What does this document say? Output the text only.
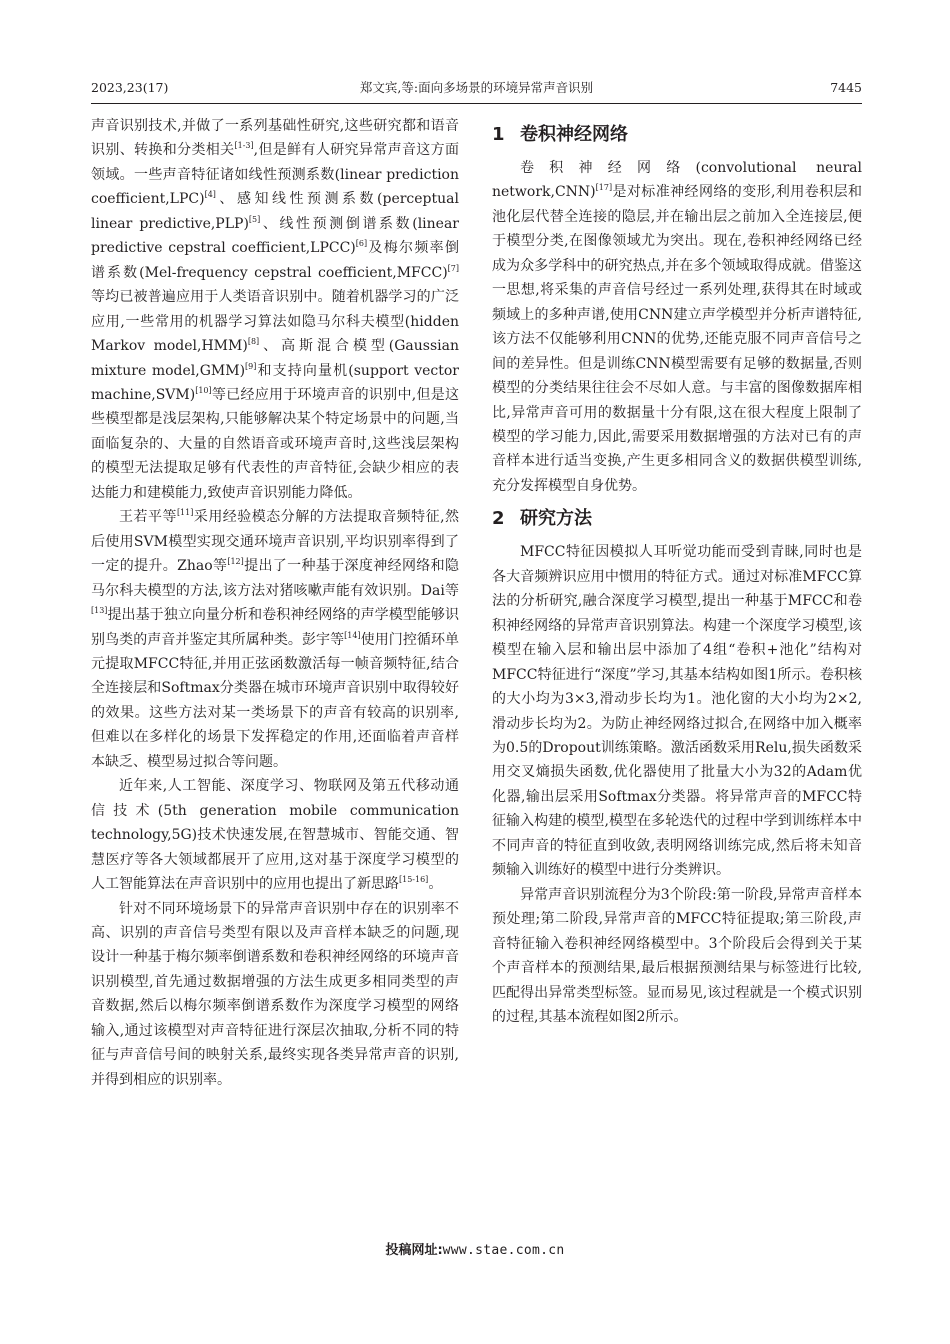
2023,23(17)	郑文宾,等:面向多场景的环境异常声音识别	7445

声音识别技术,并做了一系列基础性研究,这些研究都和语音识别、转换和分类相关[1-3],但是鲜有人研究异常声音这方面领域。一些声音特征诸如线性预测系数(linear prediction coefficient,LPC)[4]、感知线性预测系数(perceptual linear predictive,PLP)[5]、线性预测倒谱系数(linear predictive cepstral coefficient,LPCC)[6]及梅尔频率倒谱系数(Mel-frequency cepstral coefficient,MFCC)[7]等均已被普遍应用于人类语音识别中。随着机器学习的广泛应用,一些常用的机器学习算法如隐马尔科夫模型(hidden Markov model,HMM)[8]、高斯混合模型(Gaussian mixture model,GMM)[9]和支持向量机(support vector machine,SVM)[10]等已经应用于环境声音的识别中,但是这些模型都是浅层架构,只能够解决某个特定场景中的问题,当面临复杂的、大量的自然语音或环境声音时,这些浅层架构的模型无法提取足够有代表性的声音特征,会缺少相应的表达能力和建模能力,致使声音识别能力降低。

王若平等[11]采用经验模态分解的方法提取音频特征,然后使用SVM模型实现交通环境声音识别,平均识别率得到了一定的提升。Zhao等[12]提出了一种基于深度神经网络和隐马尔科夫模型的方法,该方法对猪咳嗽声能有效识别。Dai等[13]提出基于独立向量分析和卷积神经网络的声学模型能够识别鸟类的声音并鉴定其所属种类。彭宇等[14]使用门控循环单元提取MFCC特征,并用正弦函数激活每一帧音频特征,结合全连接层和Softmax分类器在城市环境声音识别中取得较好的效果。这些方法对某一类场景下的声音有较高的识别率,但难以在多样化的场景下发挥稳定的作用,还面临着声音样本缺乏、模型易过拟合等问题。

近年来,人工智能、深度学习、物联网及第五代移动通信技术(5th generation mobile communication technology,5G)技术快速发展,在智慧城市、智能交通、智慧医疗等各大领域都展开了应用,这对基于深度学习模型的人工智能算法在声音识别中的应用也提出了新思路[15-16]。

针对不同环境场景下的异常声音识别中存在的识别率不高、识别的声音信号类型有限以及声音样本缺乏的问题,现设计一种基于梅尔频率倒谱系数和卷积神经网络的环境声音识别模型,首先通过数据增强的方法生成更多相同类型的声音数据,然后以梅尔频率倒谱系数作为深度学习模型的网络输入,通过该模型对声音特征进行深层次抽取,分析不同的特征与声音信号间的映射关系,最终实现各类异常声音的识别,并得到相应的识别率。

1 卷积神经网络

卷积神经网络(convolutional neural network,CNN)[17]是对标准神经网络的变形,利用卷积层和池化层代替全连接的隐层,并在输出层之前加入全连接层,便于模型分类,在图像领域尤为突出。现在,卷积神经网络已经成为众多学科中的研究热点,并在多个领域取得成就。借鉴这一思想,将采集的声音信号经过一系列处理,获得其在时域或频域上的多种声谱,使用CNN建立声学模型并分析声谱特征,该方法不仅能够利用CNN的优势,还能克服不同声音信号之间的差异性。但是训练CNN模型需要有足够的数据量,否则模型的分类结果往往会不尽如人意。与丰富的图像数据库相比,异常声音可用的数据量十分有限,这在很大程度上限制了模型的学习能力,因此,需要采用数据增强的方法对已有的声音样本进行适当变换,产生更多相同含义的数据供模型训练,充分发挥模型自身优势。

2 研究方法

MFCC特征因模拟人耳听觉功能而受到青睐,同时也是各大音频辨识应用中惯用的特征方式。通过对标准MFCC算法的分析研究,融合深度学习模型,提出一种基于MFCC和卷积神经网络的异常声音识别算法。构建一个深度学习模型,该模型在输入层和输出层中添加了4组“卷积+池化”结构对MFCC特征进行“深度”学习,其基本结构如图1所示。卷积核的大小均为3×3,滑动步长均为1。池化窗的大小均为2×2,滑动步长均为2。为防止神经网络过拟合,在网络中加入概率为0.5的Dropout训练策略。激活函数采用Relu,损失函数采用交叉熵损失函数,优化器使用了批量大小为32的Adam优化器,输出层采用Softmax分类器。将异常声音的MFCC特征输入构建的模型,模型在多轮迭代的过程中学到训练样本中不同声音的特征直到收敛,表明网络训练完成,然后将未知音频输入训练好的模型中进行分类辨识。

异常声音识别流程分为3个阶段:第一阶段,异常声音样本预处理;第二阶段,异常声音的MFCC特征提取;第三阶段,声音特征输入卷积神经网络模型中。3个阶段后会得到关于某个声音样本的预测结果,最后根据预测结果与标签进行比较,匹配得出异常类型标签。显而易见,该过程就是一个模式识别的过程,其基本流程如图2所示。

投稿网址:www.stae.com.cn
